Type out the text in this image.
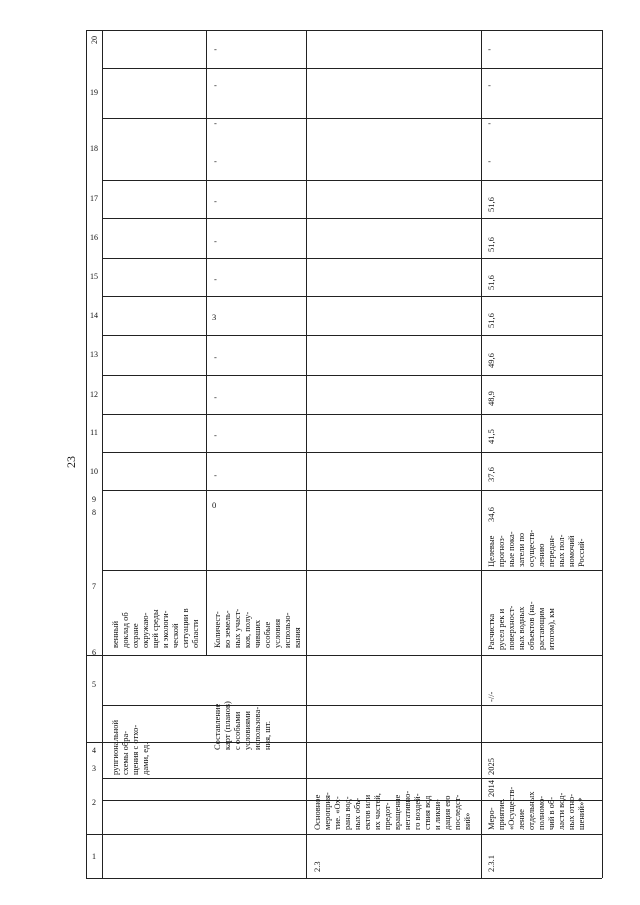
23
20
19
18
17
16
15
14
13
12
11
10
9
8
7
6
5
4
3
2
1
рупгиональной
схемы обра-
щения с отхо-
дами, ед.
венный
доклад об
охране
окружаю-
щей среды
и экологи-
ческой
ситуации в
области
Составление
карт (планов)
с особыми
условиями
использова-
ния, шт.
Количест-
во земель-
ных участ-
ков, полу-
чивших
особые
условия
использо-
вания
0
-
-
-
-
3
-
-
-
-
-
-
-
2.3
Основное
мероприя-
тие. «Ох-
рана вод-
ных объ-
ектов или
их частей,
предот-
вращение
негативно-
го воздей-
ствия вод
и ликви-
дация его
последст-
вий»
2.3.1
Меро-
приятие.
«Осуществ-
ление
отдельных
полномо-
чий в об-
ласти вод-
ных отно-
шений»*
2014
2025
-//-
Расчистка
русел рек и
поверхност-
ных водных
объектов (на-
растающим
итогом), км
Целевые
прогноз-
ные пока-
затели по
осуществ-
лению
передан-
ных пол-
номочий
Россий-
34,6
37,6
41,5
48,9
49,6
51,6
51,6
51,6
51,6
-
-
-
-
